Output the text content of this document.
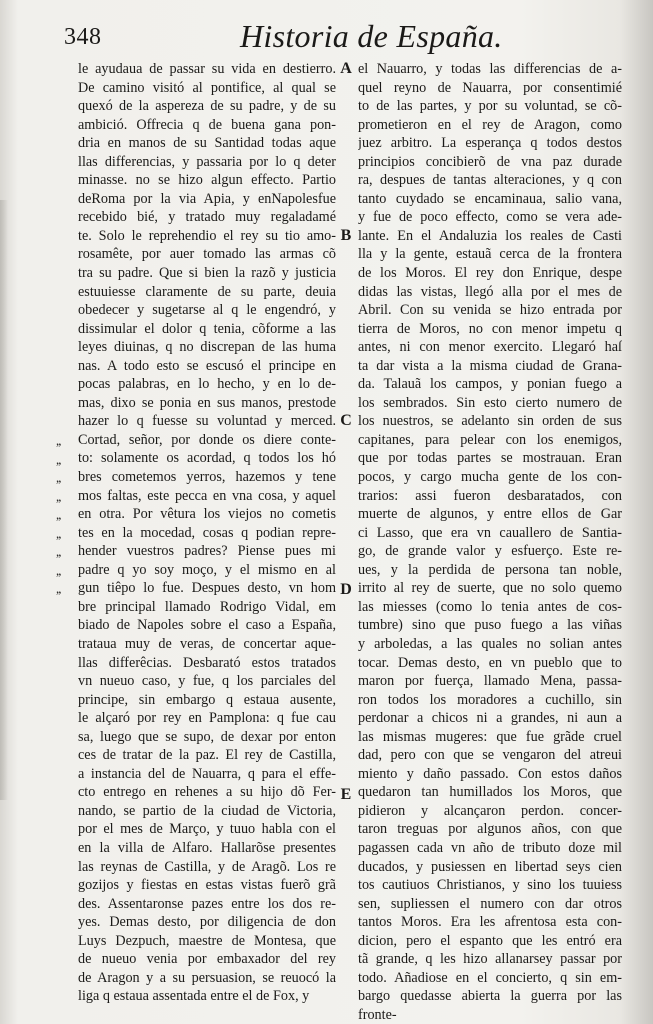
348	Historia de España.
le ayudaua de passar su vida en destierro.
De camino visitó al pontifice, al qual se
quexó de la aspereza de su padre, y de su
ambició. Offrecia q de buena gana pon-
dria en manos de su Santidad todas aque
llas differencias, y passaria por lo q deter
minasse. no se hizo algun effecto. Partio
deRoma por la via Apia, y enNapolesfue
recebido bié, y tratado muy regaladamé
te. Solo le reprehendio el rey su tio amo-
rosamête, por auer tomado las armas cõ
tra su padre. Que si bien la razõ y justicia
estuuiesse claramente de su parte, deuia
obedecer y sugetarse al q le engendró, y
dissimular el dolor q tenia, cõforme a las
leyes diuinas, q no discrepan de las huma
nas. A todo esto se escusó el principe en
pocas palabras, en lo hecho, y en lo de-
mas, dixo se ponia en sus manos, prestode
hazer lo q fuesse su voluntad y merced.
Cortad, señor, por donde os diere conte-
to: solamente os acordad, q todos los hó
bres cometemos yerros, hazemos y tene
mos faltas, este pecca en vna cosa, y aquel
en otra. Por vêtura los viejos no cometis
tes en la mocedad, cosas q podian repre-
hender vuestros padres? Piense pues mi
padre q yo soy moço, y el mismo en al
gun tiêpo lo fue. Despues desto, vn hom
bre principal llamado Rodrigo Vidal, em
biado de Napoles sobre el caso a España,
trataua muy de veras, de concertar aque-
llas differêcias. Desbarató estos tratados
vn nueuo caso, y fue, q los parciales del
principe, sin embargo q estaua ausente,
le alçaró por rey en Pamplona: q fue cau
sa, luego que se supo, de dexar por enton
ces de tratar de la paz. El rey de Castilla,
a instancia del de Nauarra, q para el effe-
cto entrego en rehenes a su hijo dõ Fer-
nando, se partio de la ciudad de Victoria,
por el mes de Março, y tuuo habla con el
en la villa de Alfaro. Hallarõse presentes
las reynas de Castilla, y de Aragõ. Los re
gozijos y fiestas en estas vistas fuerõ grã
des. Assentaronse pazes entre los dos re-
yes. Demas desto, por diligencia de don
Luys Dezpuch, maestre de Montesa, que
de nueuo venia por embaxador del rey
de Aragon y a su persuasion, se reuocó la
liga q estaua assentada entre el de Fox, y
el Nauarro, y todas las differencias de a-
quel reyno de Nauarra, por consentimié
to de las partes, y por su voluntad, se cõ-
prometieron en el rey de Aragon, como
juez arbitro. La esperança q todos destos
principios concibierõ de vna paz durade
ra, despues de tantas alteraciones, y q con
tanto cuydado se encaminaua, salio vana,
y fue de poco effecto, como se vera ade-
lante. En el Andaluzia los reales de Casti
lla y la gente, estauã cerca de la frontera
de los Moros. El rey don Enrique, despe
didas las vistas, llegó alla por el mes de
Abril. Con su venida se hizo entrada por
tierra de Moros, no con menor impetu q
antes, ni con menor exercito. Llegaró haſ
ta dar vista a la misma ciudad de Grana-
da. Talauã los campos, y ponian fuego a
los sembrados. Sin esto cierto numero de
los nuestros, se adelanto sin orden de sus
capitanes, para pelear con los enemigos,
que por todas partes se mostrauan. Eran
pocos, y cargo mucha gente de los con-
trarios: assi fueron desbaratados, con
muerte de algunos, y entre ellos de Gar
ci Lasso, que era vn cauallero de Santia-
go, de grande valor y esfuerço. Este re-
ues, y la perdida de persona tan noble,
irrito al rey de suerte, que no solo quemo
las miesses (como lo tenia antes de cos-
tumbre) sino que puso fuego a las viñas
y arboledas, a las quales no solian antes
tocar. Demas desto, en vn pueblo que to
maron por fuerça, llamado Mena, passa-
ron todos los moradores a cuchillo, sin
perdonar a chicos ni a grandes, ni aun a
las mismas mugeres: que fue grãde cruel
dad, pero con que se vengaron del atreui
miento y daño passado. Con estos daños
quedaron tan humillados los Moros, que
pidieron y alcançaron perdon. concer-
taron treguas por algunos años, con que
pagassen cada vn año de tributo doze mil
ducados, y pusiessen en libertad seys cien
tos cautiuos Christianos, y sino los tuuiess
sen, supliessen el numero con dar otros
tantos Moros. Era les afrentosa esta con-
dicion, pero el espanto que les entró era
tã grande, q les hizo allanarsey passar por
todo. Añadiose en el concierto, q sin em-
bargo quedasse abierta la guerra por las
fronte-
A
B
C
D
E
,,
,,
,,
,,
,,
,,
,,
,,
,,
